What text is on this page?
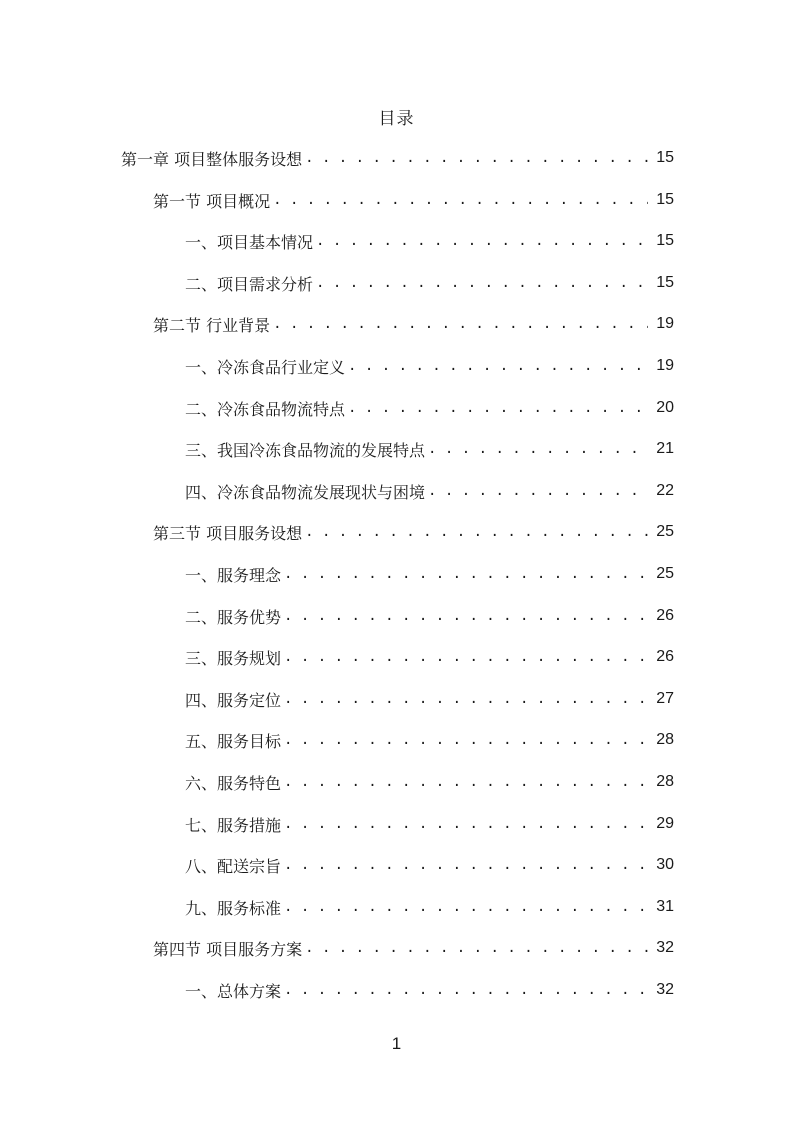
目录
第一章 项目整体服务设想 . . .	15
第一节 项目概况 . . .	15
一、项目基本情况 . . .	15
二、项目需求分析 . . .	15
第二节 行业背景 . . .	19
一、冷冻食品行业定义 . . .	19
二、冷冻食品物流特点 . . .	20
三、我国冷冻食品物流的发展特点 . . .	21
四、冷冻食品物流发展现状与困境 . . .	22
第三节 项目服务设想 . . .	25
一、服务理念 . . .	25
二、服务优势 . . .	26
三、服务规划 . . .	26
四、服务定位 . . .	27
五、服务目标 . . .	28
六、服务特色 . . .	28
七、服务措施 . . .	29
八、配送宗旨 . . .	30
九、服务标准 . . .	31
第四节 项目服务方案 . . .	32
一、总体方案 . . .	32
1
